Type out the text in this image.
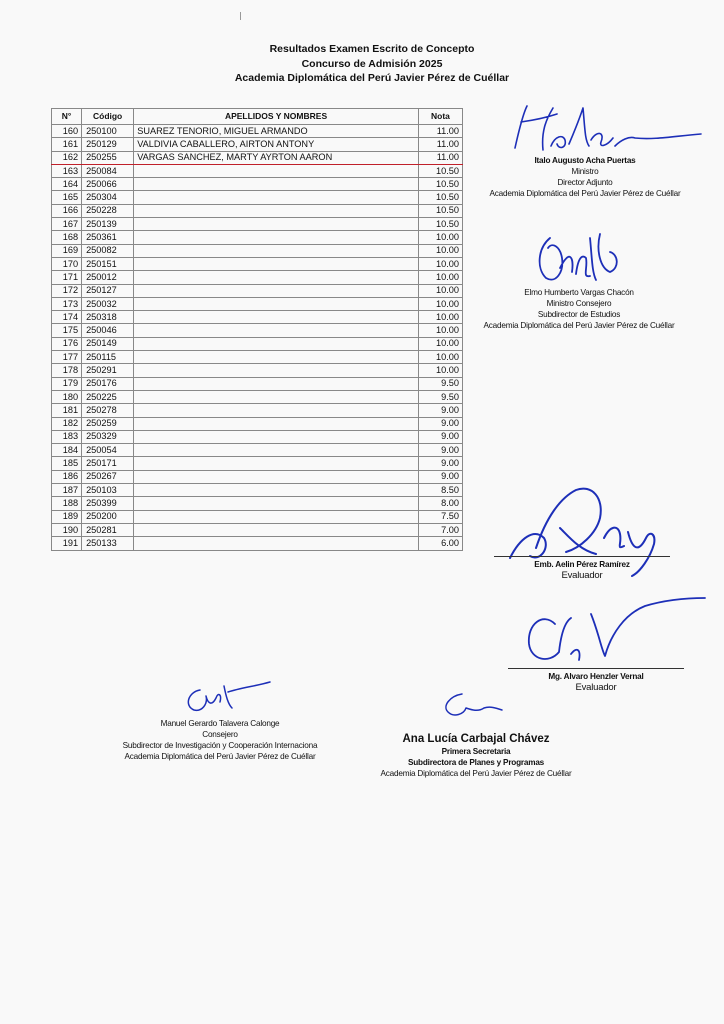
Resultados Examen Escrito de Concepto
Concurso de Admisión 2025
Academia Diplomática del Perú Javier Pérez de Cuéllar
N°	Código	APELLIDOS Y NOMBRES	Nota
160	250100	SUAREZ TENORIO, MIGUEL ARMANDO	11.00
161	250129	VALDIVIA CABALLERO, AIRTON ANTONY	11.00
162	250255	VARGAS SANCHEZ, MARTY AYRTON AARON	11.00
163	250084		10.50
164	250066		10.50
165	250304		10.50
166	250228		10.50
167	250139		10.50
168	250361		10.00
169	250082		10.00
170	250151		10.00
171	250012		10.00
172	250127		10.00
173	250032		10.00
174	250318		10.00
175	250046		10.00
176	250149		10.00
177	250115		10.00
178	250291		10.00
179	250176		9.50
180	250225		9.50
181	250278		9.00
182	250259		9.00
183	250329		9.00
184	250054		9.00
185	250171		9.00
186	250267		9.00
187	250103		8.50
188	250399		8.00
189	250200		7.50
190	250281		7.00
191	250133		6.00
Italo Augusto Acha Puertas
Ministro
Director Adjunto
Academia Diplomática del Perú Javier Pérez de Cuéllar
Elmo Humberto Vargas Chacón
Ministro Consejero
Subdirector de Estudios
Academia Diplomática del Perú Javier Pérez de Cuéllar
Emb. Aelin Pérez Ramírez
Evaluador
Mg. Alvaro Henzler Vernal
Evaluador
Manuel Gerardo Talavera Calonge
Consejero
Subdirector de Investigación y Cooperación Internaciona
Academia Diplomática del Perú Javier Pérez de Cuéllar
Ana Lucía Carbajal Chávez
Primera Secretaria
Subdirectora de Planes y Programas
Academia Diplomática del Perú Javier Pérez de Cuéllar
